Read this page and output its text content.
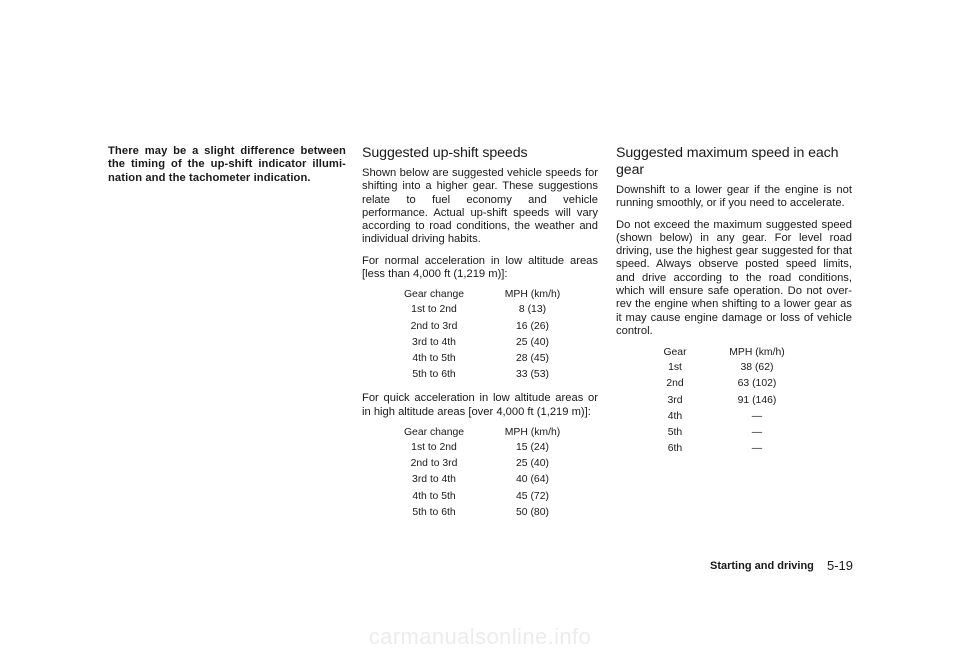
There may be a slight difference between the timing of the up-shift indicator illumi-nation and the tachometer indication.

Suggested up-shift speeds

Shown below are suggested vehicle speeds for shifting into a higher gear. These suggestions relate to fuel economy and vehicle performance. Actual up-shift speeds will vary according to road conditions, the weather and individual driving habits.

For normal acceleration in low altitude areas [less than 4,000 ft (1,219 m)]:

Gear change	MPH (km/h)
1st to 2nd	8 (13)
2nd to 3rd	16 (26)
3rd to 4th	25 (40)
4th to 5th	28 (45)
5th to 6th	33 (53)

For quick acceleration in low altitude areas or in high altitude areas [over 4,000 ft (1,219 m)]:

Gear change	MPH (km/h)
1st to 2nd	15 (24)
2nd to 3rd	25 (40)
3rd to 4th	40 (64)
4th to 5th	45 (72)
5th to 6th	50 (80)
Suggested maximum speed in each gear

Downshift to a lower gear if the engine is not running smoothly, or if you need to accelerate.

Do not exceed the maximum suggested speed (shown below) in any gear. For level road driving, use the highest gear suggested for that speed. Always observe posted speed limits, and drive according to the road conditions, which will ensure safe operation. Do not over-rev the engine when shifting to a lower gear as it may cause engine damage or loss of vehicle control.

Gear	MPH (km/h)
1st	38 (62)
2nd	63 (102)
3rd	91 (146)
4th	—
5th	—
6th	—
Starting and driving 5-19
carmanualsonline.info
